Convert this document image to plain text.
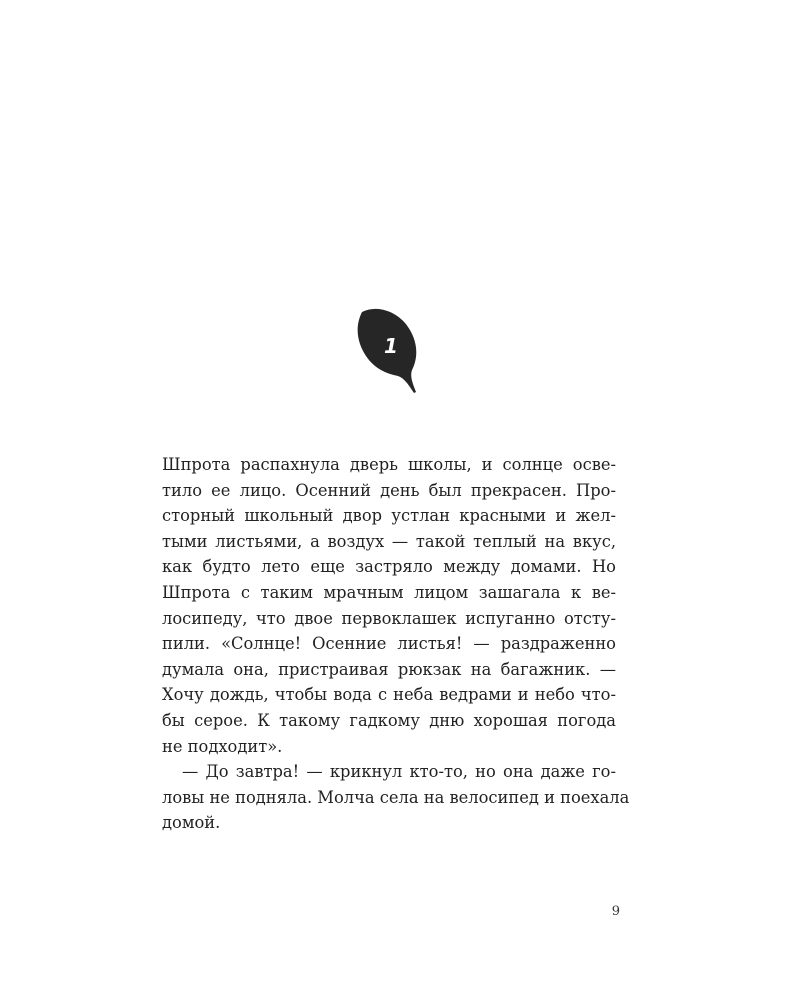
1
Шпрота распахнула дверь школы, и солнце осве-
тило ее лицо. Осенний день был прекрасен. Про-
сторный школьный двор устлан красными и жел-
тыми листьями, а воздух — такой теплый на вкус,
как будто лето еще застряло между домами. Но
Шпрота с таким мрачным лицом зашагала к ве-
лосипеду, что двое первоклашек испуганно отсту-
пили. «Солнце! Осенние листья! — раздраженно
думала она, пристраивая рюкзак на багажник. —
Хочу дождь, чтобы вода с неба ведрами и небо что-
бы серое. К такому гадкому дню хорошая погода
не подходит».
— До завтра! — крикнул кто-то, но она даже го-
ловы не подняла. Молча села на велосипед и поехала
домой.
9
